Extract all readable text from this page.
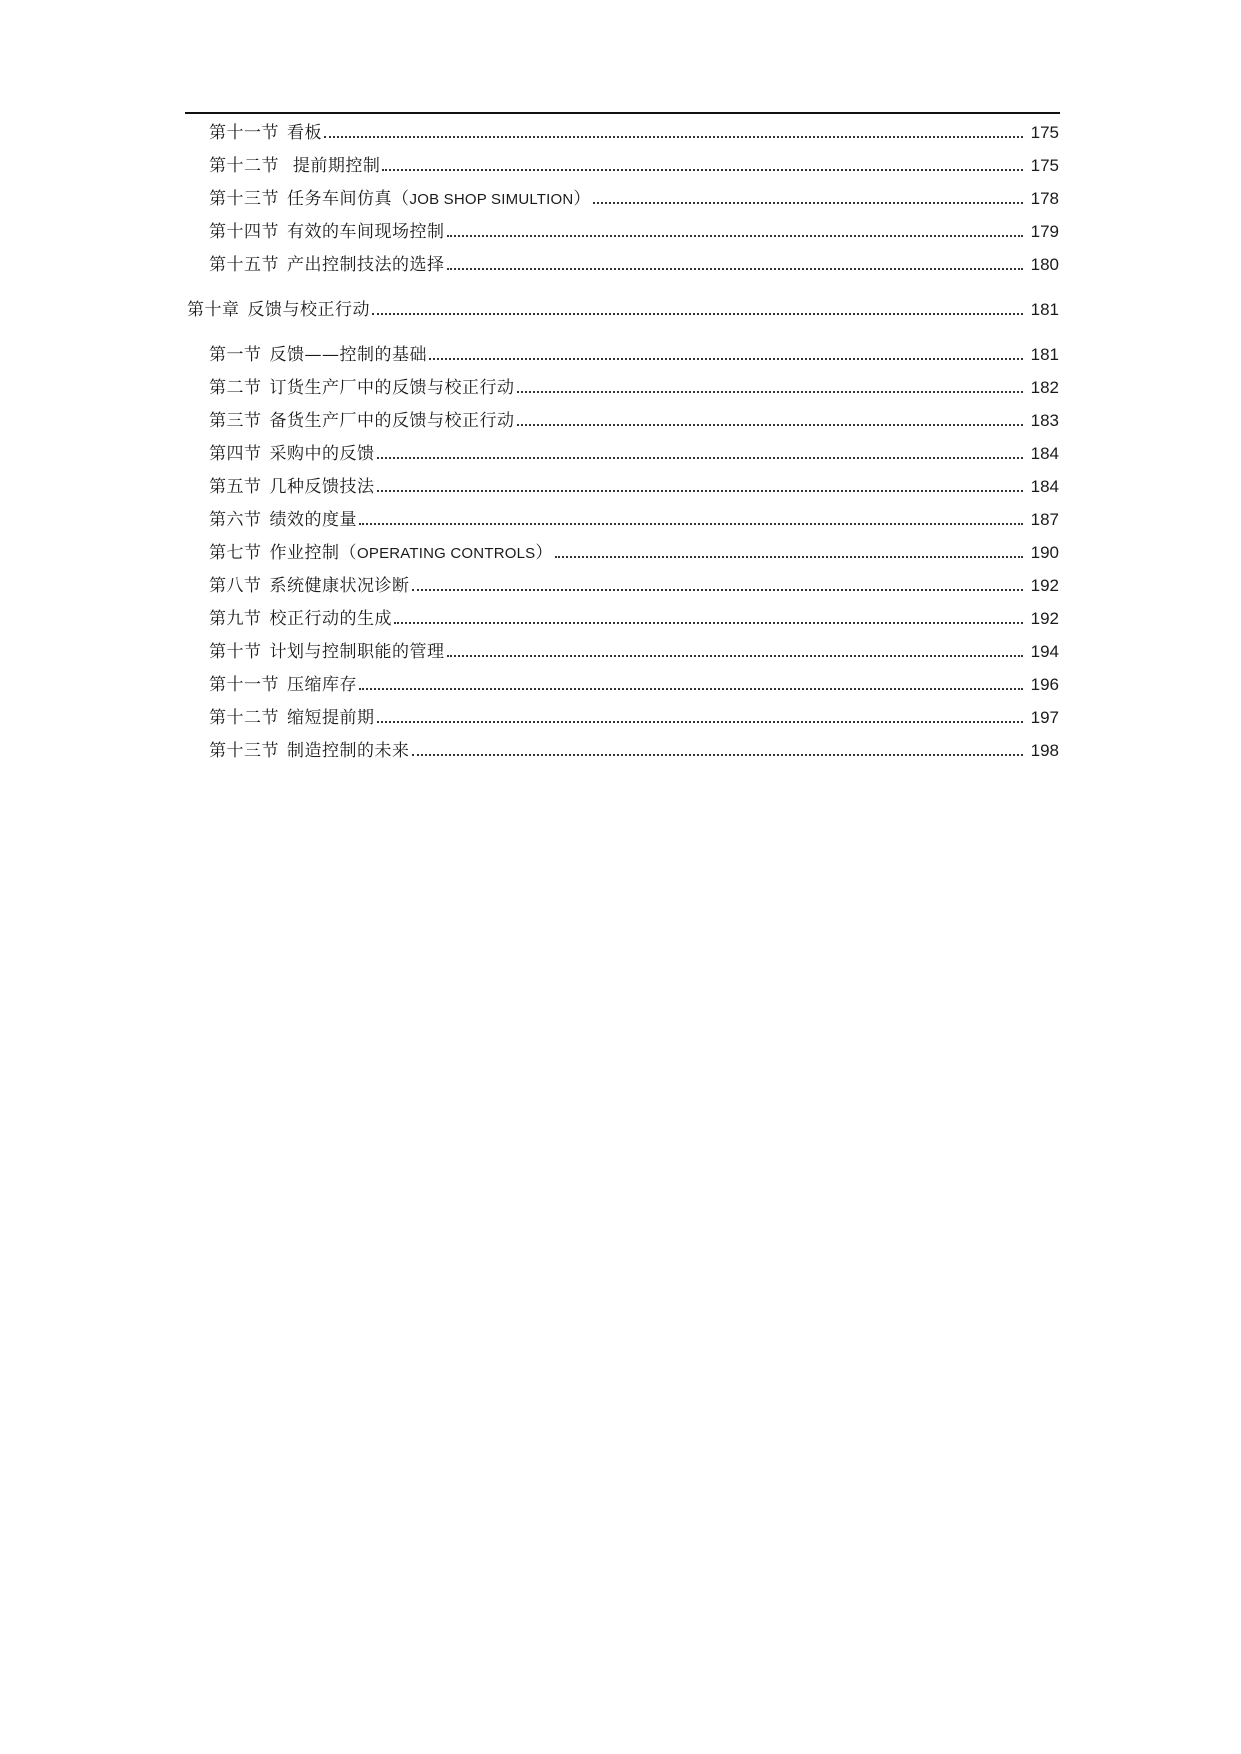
第十一节 看板	175
第十二节 提前期控制	175
第十三节 任务车间仿真（JOB SHOP SIMULTION）	178
第十四节 有效的车间现场控制	179
第十五节 产出控制技法的选择	180
第十章 反馈与校正行动	181
第一节 反馈——控制的基础	181
第二节 订货生产厂中的反馈与校正行动	182
第三节 备货生产厂中的反馈与校正行动	183
第四节 采购中的反馈	184
第五节 几种反馈技法	184
第六节 绩效的度量	187
第七节 作业控制（OPERATING CONTROLS）	190
第八节 系统健康状况诊断	192
第九节 校正行动的生成	192
第十节 计划与控制职能的管理	194
第十一节 压缩库存	196
第十二节 缩短提前期	197
第十三节 制造控制的未来	198
